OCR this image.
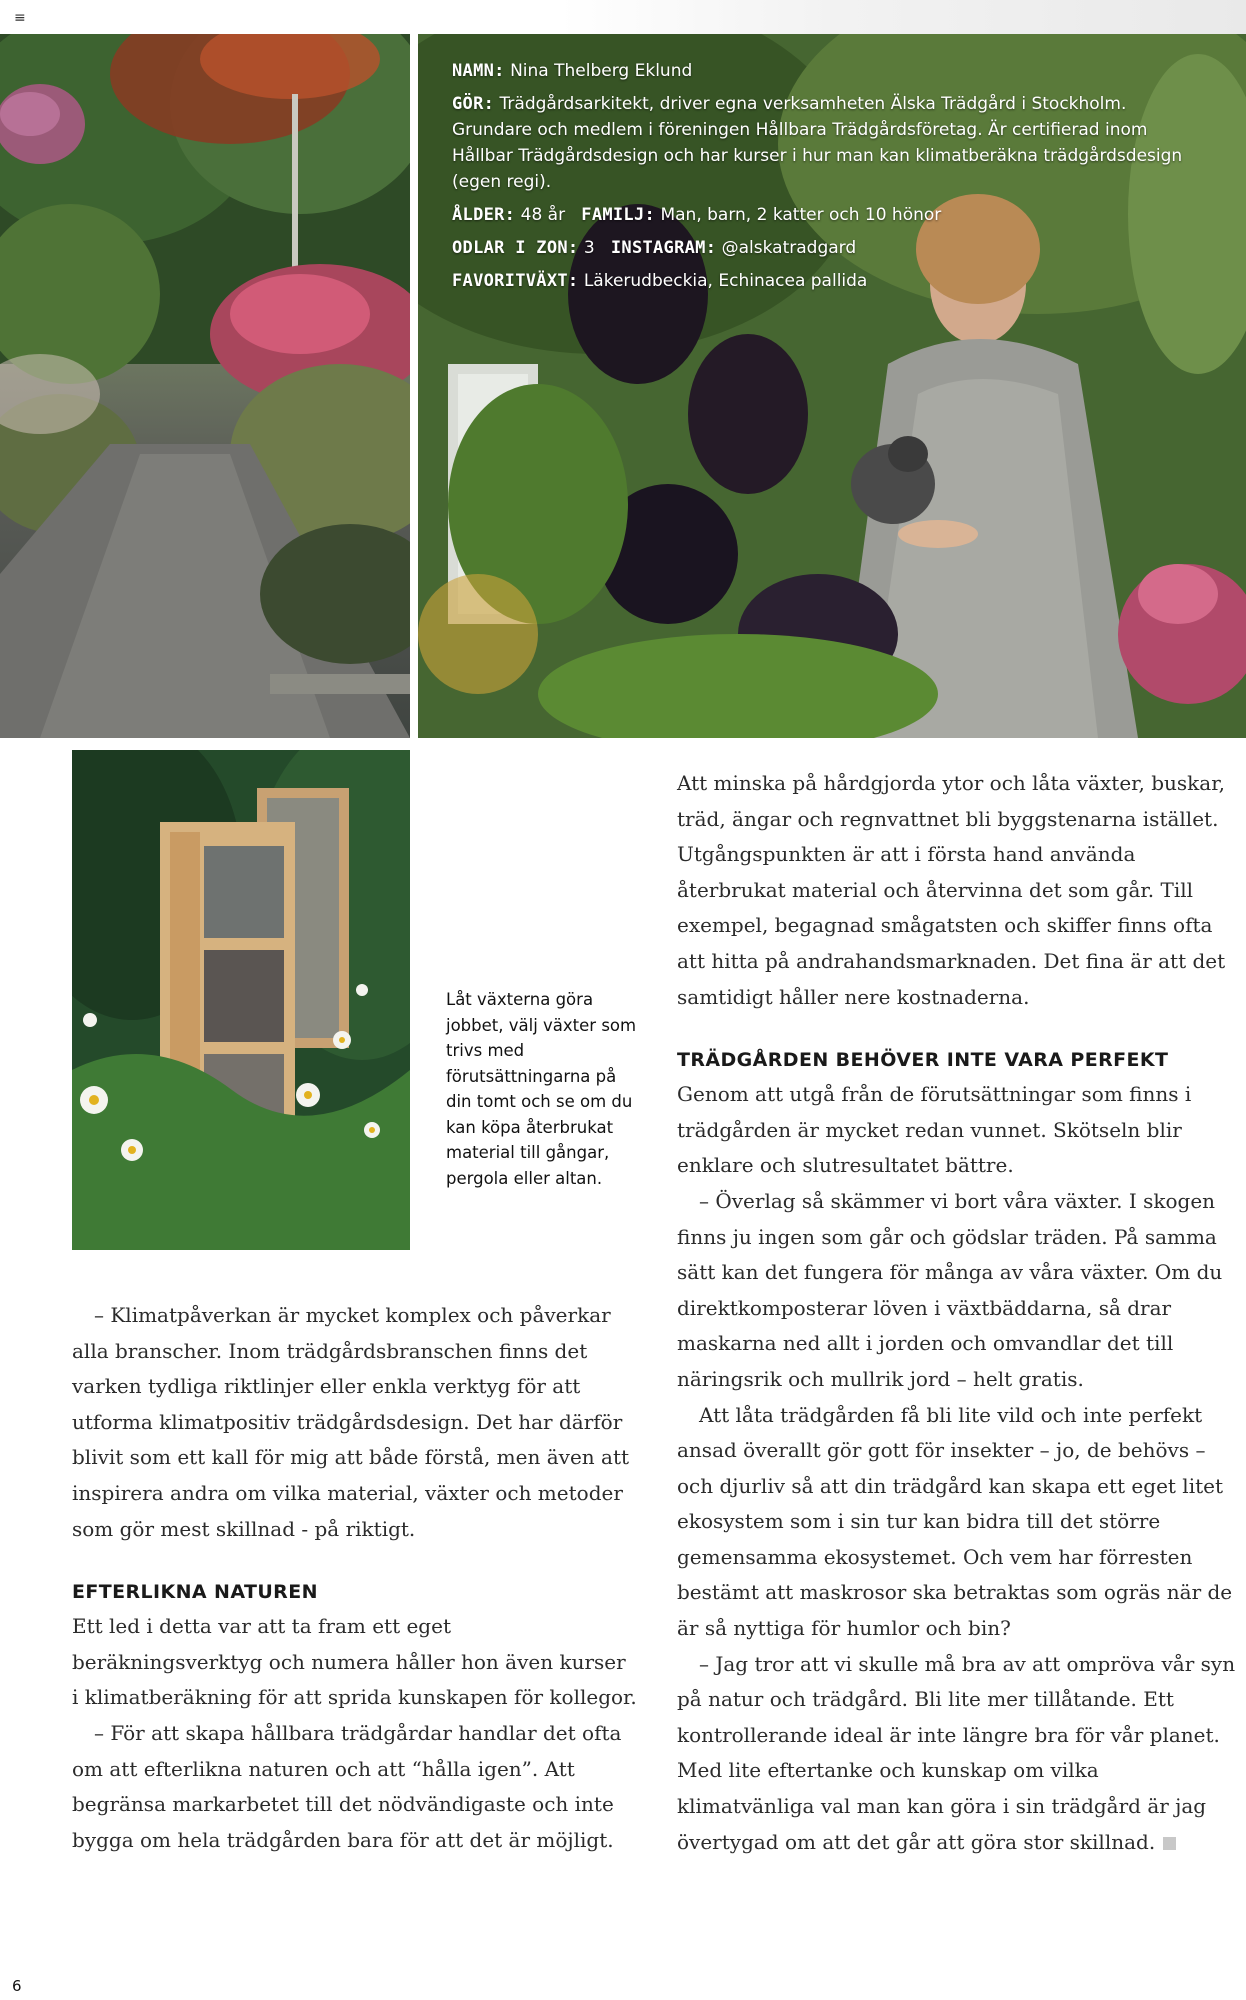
≡

NAMN: Nina Thelberg Eklund

GÖR: Trädgårdsarkitekt, driver egna verksamheten Älska Trädgård i Stockholm. Grundare och medlem i föreningen Hållbara Trädgårdsföretag. Är certifierad inom Hållbar Trädgårdsdesign och har kurser i hur man kan klimatberäkna trädgårdsdesign (egen regi).

ÅLDER: 48 år FAMILJ: Man, barn, 2 katter och 10 hönor

ODLAR I ZON: 3 INSTAGRAM: @alskatradgard

FAVORITVÄXT: Läkerudbeckia, Echinacea pallida

Låt växterna göra jobbet, välj växter som trivs med förutsättningarna på din tomt och se om du kan köpa återbrukat material till gångar, pergola eller altan.

– Klimatpåverkan är mycket komplex och påverkar alla branscher. Inom trädgårdsbranschen finns det varken tydliga riktlinjer eller enkla verktyg för att utforma klimatpositiv trädgårdsdesign. Det har därför blivit som ett kall för mig att både förstå, men även att inspirera andra om vilka material, växter och metoder som gör mest skillnad - på riktigt.

EFTERLIKNA NATUREN

Ett led i detta var att ta fram ett eget beräkningsverktyg och numera håller hon även kurser i klimatberäkning för att sprida kunskapen för kollegor.

– För att skapa hållbara trädgårdar handlar det ofta om att efterlikna naturen och att “hålla igen”. Att begränsa markarbetet till det nödvändigaste och inte bygga om hela trädgården bara för att det är möjligt.

Att minska på hårdgjorda ytor och låta växter, buskar, träd, ängar och regnvattnet bli byggstenarna istället. Utgångspunkten är att i första hand använda återbrukat material och återvinna det som går. Till exempel, begagnad smågatsten och skiffer finns ofta att hitta på andrahandsmarknaden. Det fina är att det samtidigt håller nere kostnaderna.

TRÄDGÅRDEN BEHÖVER INTE VARA PERFEKT

Genom att utgå från de förutsättningar som finns i trädgården är mycket redan vunnet. Skötseln blir enklare och slutresultatet bättre.

– Överlag så skämmer vi bort våra växter. I skogen finns ju ingen som går och gödslar träden. På samma sätt kan det fungera för många av våra växter. Om du direktkomposterar löven i växtbäddarna, så drar maskarna ned allt i jorden och omvandlar det till näringsrik och mullrik jord – helt gratis.

Att låta trädgården få bli lite vild och inte perfekt ansad överallt gör gott för insekter – jo, de behövs – och djurliv så att din trädgård kan skapa ett eget litet ekosystem som i sin tur kan bidra till det större gemensamma ekosystemet. Och vem har förresten bestämt att maskrosor ska betraktas som ogräs när de är så nyttiga för humlor och bin?

– Jag tror att vi skulle må bra av att ompröva vår syn på natur och trädgård. Bli lite mer tillåtande. Ett kontrollerande ideal är inte längre bra för vår planet. Med lite eftertanke och kunskap om vilka klimatvänliga val man kan göra i sin trädgård är jag övertygad om att det går att göra stor skillnad.

6
